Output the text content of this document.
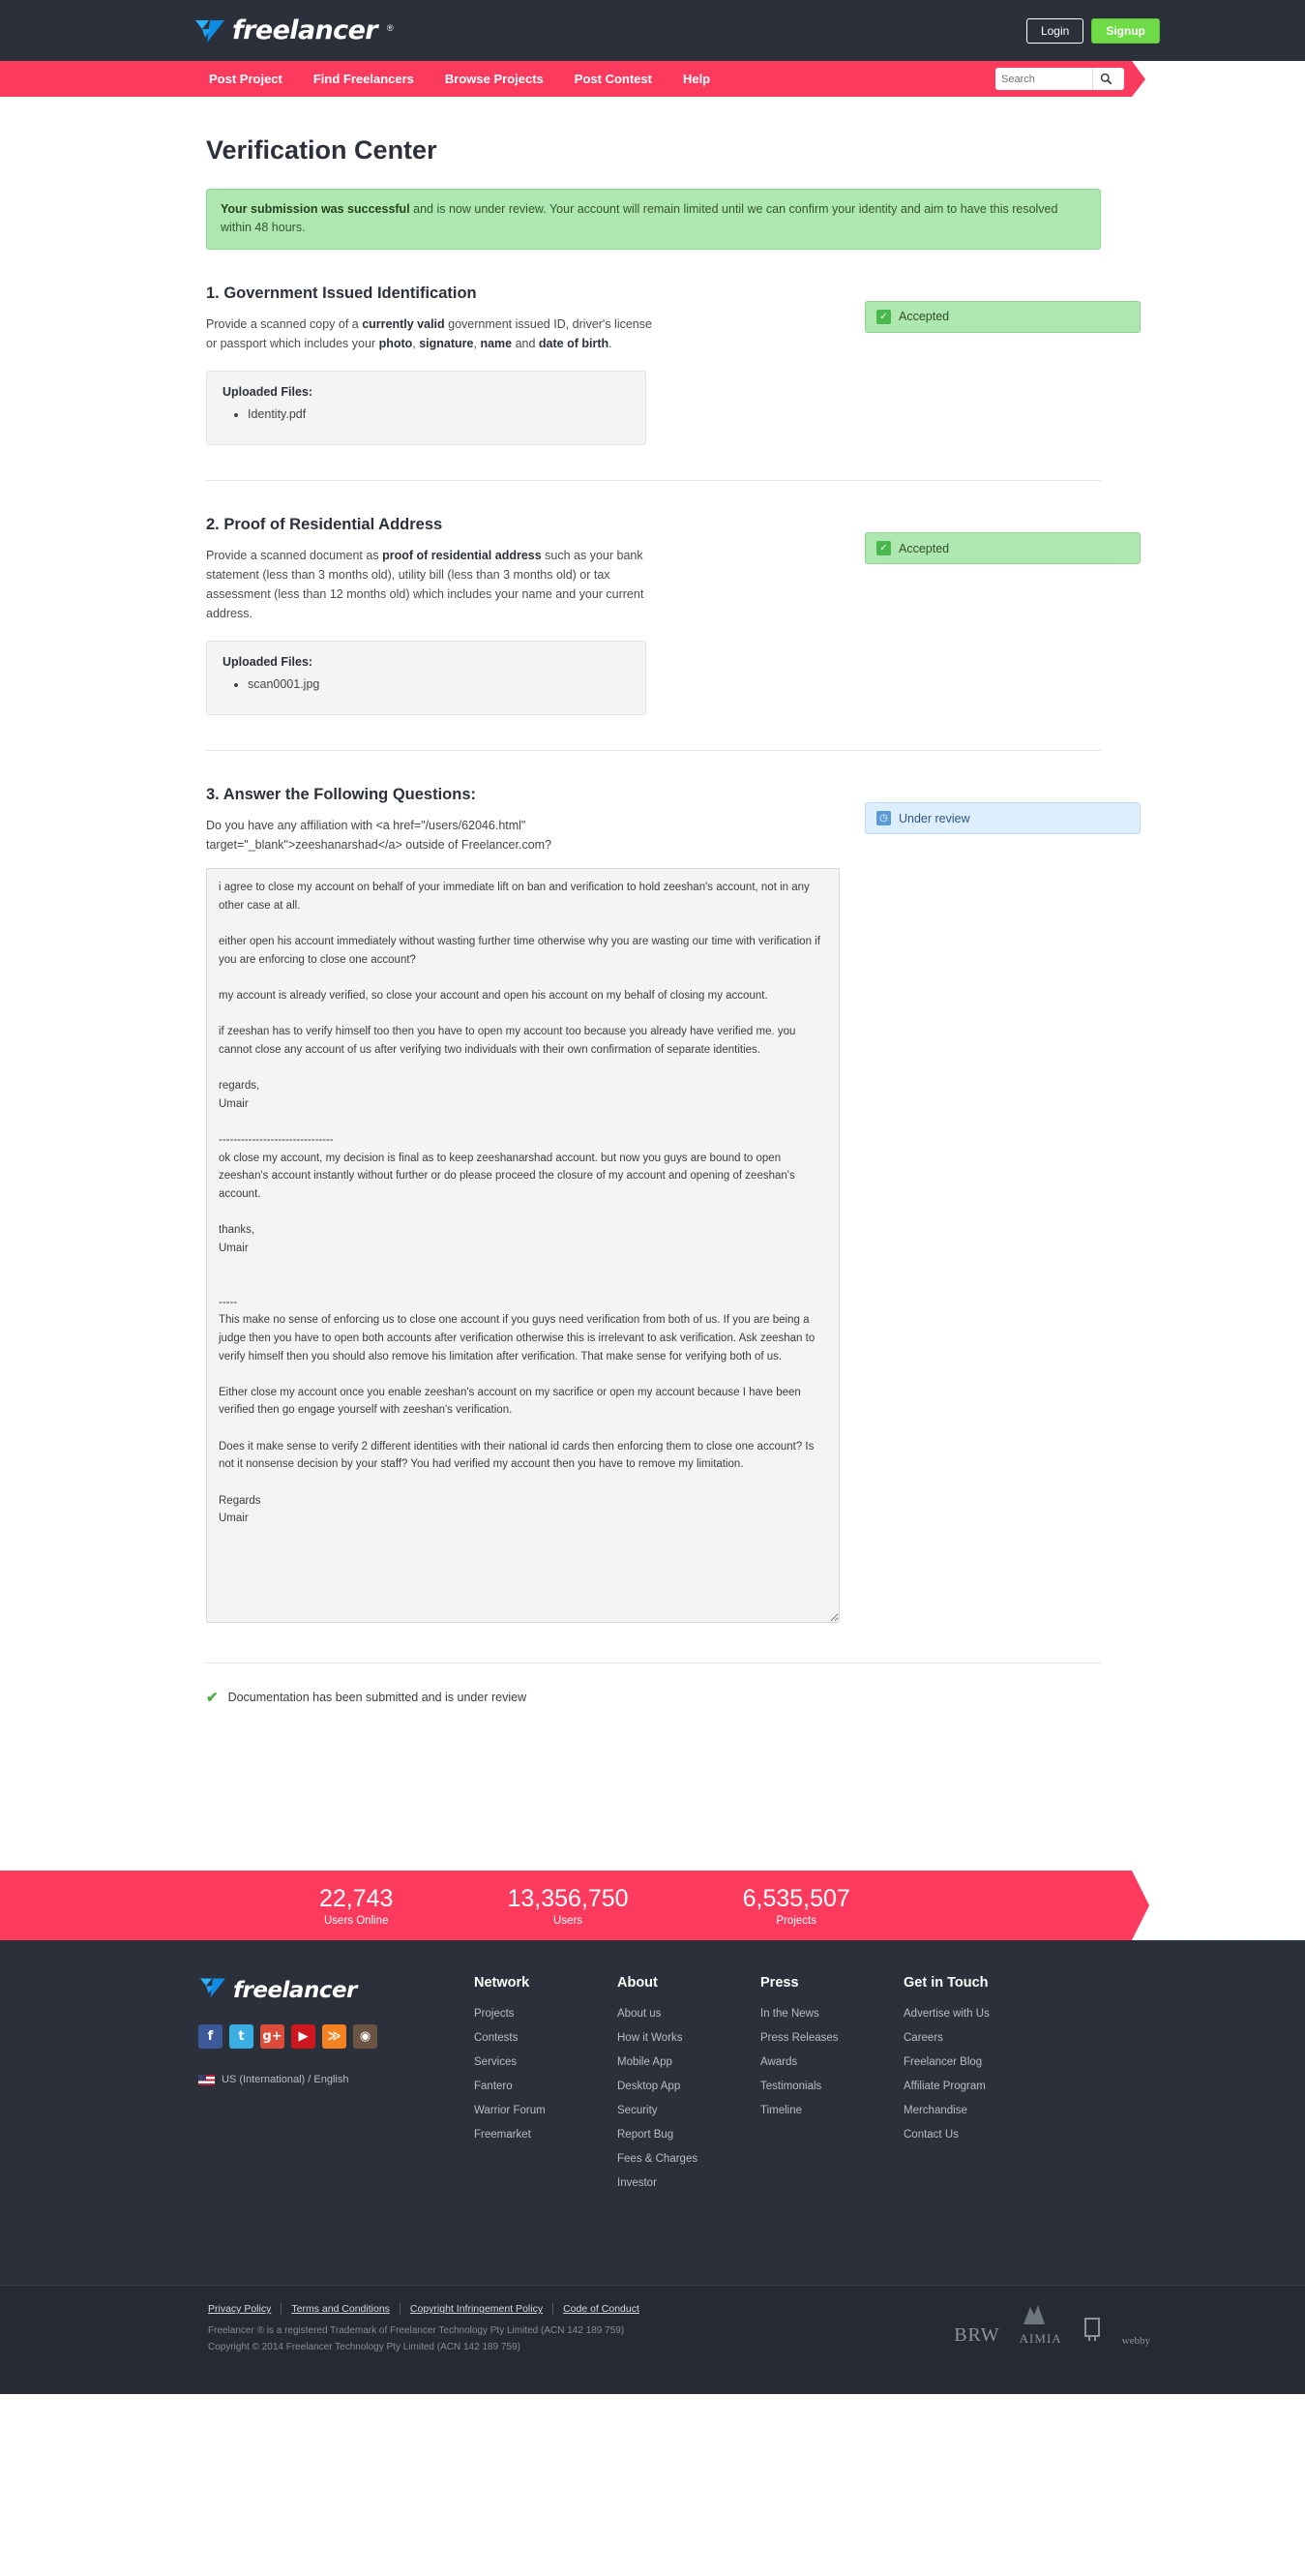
freelancer ®	Login	Signup
Post Project	Find Freelancers	Browse Projects	Post Contest	Help
Search
Verification Center
Your submission was successful and is now under review. Your account will remain limited until we can confirm your identity and aim to have this resolved within 48 hours.
1. Government Issued Identification

Provide a scanned copy of a currently valid government issued ID, driver's license or passport which includes your photo, signature, name and date of birth.

Uploaded Files:
• Identity.pdf
✓ Accepted
2. Proof of Residential Address

Provide a scanned document as proof of residential address such as your bank statement (less than 3 months old), utility bill (less than 3 months old) or tax assessment (less than 12 months old) which includes your name and your current address.

Uploaded Files:
• scan0001.jpg
✓ Accepted
3. Answer the Following Questions:

Do you have any affiliation with <a href="/users/62046.html" target="_blank">zeeshanarshad</a> outside of Freelancer.com?

i agree to close my account on behalf of your immediate lift on ban and verification to hold zeeshan's account, not in any other case at all. either open his account immediately without wasting further time otherwise why you are wasting our time with verification if you are enforcing to close one account? my account is already verified, so close your account and open his account on my behalf of closing my account. if zeeshan has to verify himself too then you have to open my account too because you already have verified me. you cannot close any account of us after verifying two individuals with their own confirmation of separate identities. regards, Umair ------------------------------- ok close my account, my decision is final as to keep zeeshanarshad account. but now you guys are bound to open zeeshan's account instantly without further or do please proceed the closure of my account and opening of zeeshan's account. thanks, Umair ----- This make no sense of enforcing us to close one account if you guys need verification from both of us. If you are being a judge then you have to open both accounts after verification otherwise this is irrelevant to ask verification. Ask zeeshan to verify himself then you should also remove his limitation after verification. That make sense for verifying both of us. Either close my account once you enable zeeshan's account on my sacrifice or open my account because I have been verified then go engage yourself with zeeshan's verification. Does it make sense to verify 2 different identities with their national id cards then enforcing them to close one account? Is not it nonsense decision by your staff? You had verified my account then you have to remove my limitation. Regards Umair
◷ Under review
✔ Documentation has been submitted and is under review
22,743
Users Online
13,356,750
Users
6,535,507
Projects
freelancer
f	t	g+	▶	≫	◉
US (International) / English
Network
Projects
Contests
Services
Fantero
Warrior Forum
Freemarket
About
About us
How it Works
Mobile App
Desktop App
Security
Report Bug
Fees & Charges
Investor
Press
In the News
Press Releases
Awards
Testimonials
Timeline
Get in Touch
Advertise with Us
Careers
Freelancer Blog
Affiliate Program
Merchandise
Contact Us
Privacy Policy	Terms and Conditions	Copyright Infringement Policy	Code of Conduct
Freelancer ® is a registered Trademark of Freelancer Technology Pty Limited (ACN 142 189 759)
Copyright © 2014 Freelancer Technology Pty Limited (ACN 142 189 759)
BRW AIMIA	webby
